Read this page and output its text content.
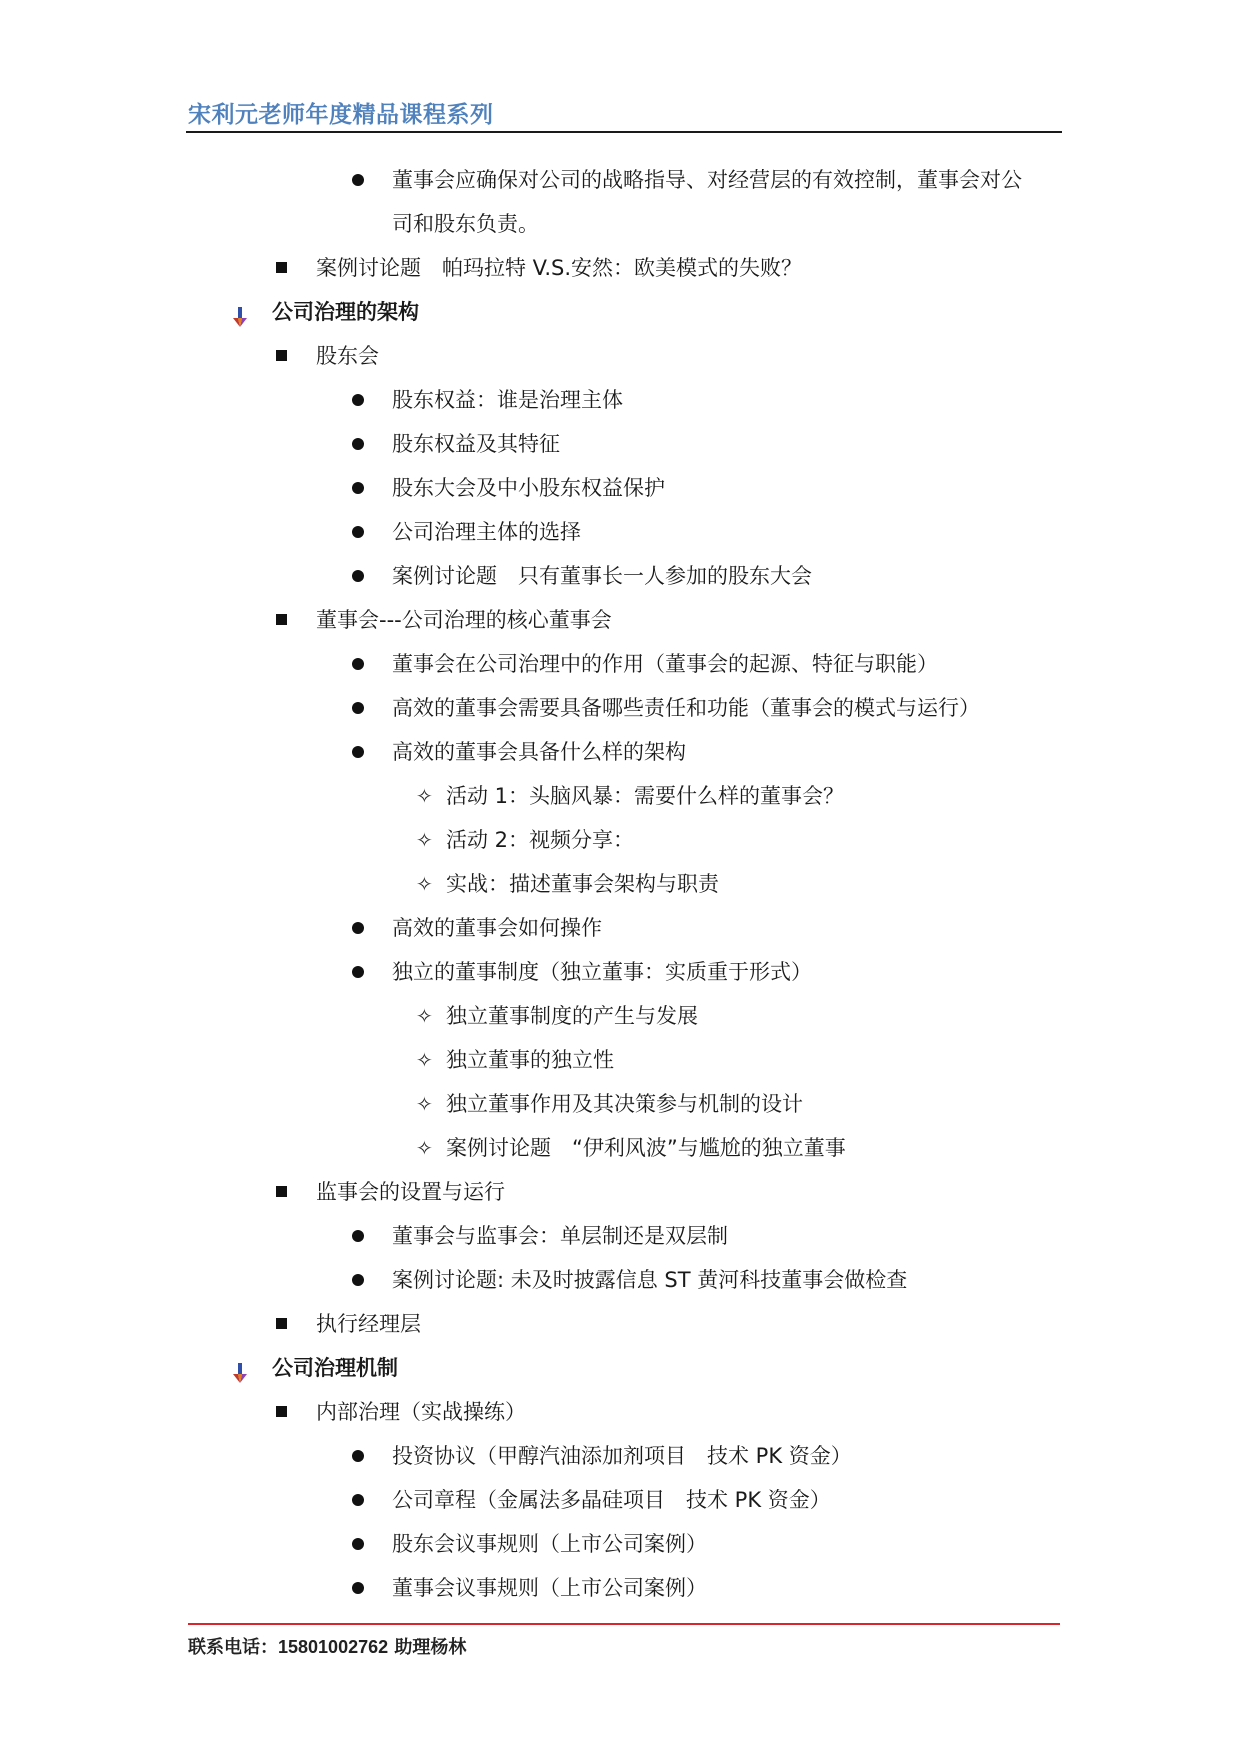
宋利元老师年度精品课程系列
董事会应确保对公司的战略指导、对经营层的有效控制，董事会对公
司和股东负责。
案例讨论题　帕玛拉特 V.S.安然：欧美模式的失败？
公司治理的架构
股东会
股东权益：谁是治理主体
股东权益及其特征
股东大会及中小股东权益保护
公司治理主体的选择
案例讨论题　只有董事长一人参加的股东大会
董事会---公司治理的核心董事会
董事会在公司治理中的作用（董事会的起源、特征与职能）
高效的董事会需要具备哪些责任和功能（董事会的模式与运行）
高效的董事会具备什么样的架构
✧ 活动 1：头脑风暴：需要什么样的董事会？
✧ 活动 2：视频分享：
✧ 实战：描述董事会架构与职责
高效的董事会如何操作
独立的董事制度（独立董事：实质重于形式）
✧ 独立董事制度的产生与发展
✧ 独立董事的独立性
✧ 独立董事作用及其决策参与机制的设计
✧ 案例讨论题　“伊利风波”与尴尬的独立董事
监事会的设置与运行
董事会与监事会：单层制还是双层制
案例讨论题: 未及时披露信息 ST 黄河科技董事会做检查
执行经理层
公司治理机制
内部治理（实战操练）
投资协议（甲醇汽油添加剂项目　技术 PK 资金）
公司章程（金属法多晶硅项目　技术 PK 资金）
股东会议事规则（上市公司案例）
董事会议事规则（上市公司案例）
联系电话：15801002762 助理杨林
